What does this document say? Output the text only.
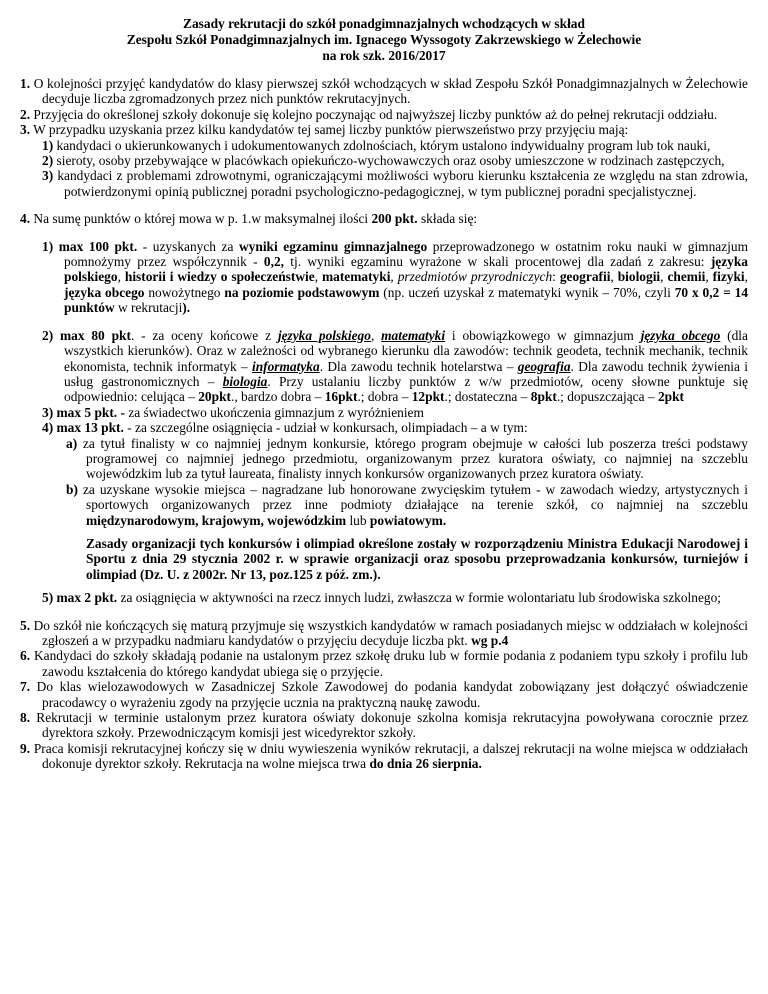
Zasady rekrutacji do szkół ponadgimnazjalnych wchodzących w skład
Zespołu Szkół Ponadgimnazjalnych im. Ignacego Wyssogoty Zakrzewskiego w Żelechowie
na rok szk. 2016/2017

1. O kolejności przyjęć kandydatów do klasy pierwszej szkół wchodzących w skład Zespołu Szkół Ponadgimnazjalnych w Żelechowie decyduje liczba zgromadzonych przez nich punktów rekrutacyjnych.

2. Przyjęcia do określonej szkoły dokonuje się kolejno poczynając od najwyższej liczby punktów aż do pełnej rekrutacji oddziału.

3. W przypadku uzyskania przez kilku kandydatów tej samej liczby punktów pierwszeństwo przy przyjęciu mają:

1) kandydaci o ukierunkowanych i udokumentowanych zdolnościach, którym ustalono indywidualny program lub tok nauki,

2) sieroty, osoby przebywające w placówkach opiekuńczo-wychowawczych oraz osoby umieszczone w rodzinach zastępczych,

3) kandydaci z problemami zdrowotnymi, ograniczającymi możliwości wyboru kierunku kształcenia ze względu na stan zdrowia, potwierdzonymi opinią publicznej poradni psychologiczno-pedagogicznej, w tym publicznej poradni specjalistycznej.

4. Na sumę punktów o której mowa w p. 1.w maksymalnej ilości 200 pkt. składa się:

1) max 100 pkt. - uzyskanych za wyniki egzaminu gimnazjalnego przeprowadzonego w ostatnim roku nauki w gimnazjum pomnożymy przez współczynnik - 0,2, tj. wyniki egzaminu wyrażone w skali procentowej dla zadań z zakresu: języka polskiego, historii i wiedzy o społeczeństwie, matematyki, przedmiotów przyrodniczych: geografii, biologii, chemii, fizyki, języka obcego nowożytnego na poziomie podstawowym (np. uczeń uzyskał z matematyki wynik – 70%, czyli 70 x 0,2 = 14 punktów w rekrutacji).

2) max 80 pkt. - za oceny końcowe z języka polskiego, matematyki i obowiązkowego w gimnazjum języka obcego (dla wszystkich kierunków). Oraz w zależności od wybranego kierunku dla zawodów: technik geodeta, technik mechanik, technik ekonomista, technik informatyk – informatyka. Dla zawodu technik hotelarstwa – geografia. Dla zawodu technik żywienia i usług gastronomicznych – biologia. Przy ustalaniu liczby punktów z w/w przedmiotów, oceny słowne punktuje się odpowiednio: celująca – 20pkt., bardzo dobra – 16pkt.; dobra – 12pkt.; dostateczna – 8pkt.; dopuszczająca – 2pkt

3) max 5 pkt. - za świadectwo ukończenia gimnazjum z wyróżnieniem

4) max 13 pkt. - za szczególne osiągnięcia - udział w konkursach, olimpiadach – a w tym:

a) za tytuł finalisty w co najmniej jednym konkursie, którego program obejmuje w całości lub poszerza treści podstawy programowej co najmniej jednego przedmiotu, organizowanym przez kuratora oświaty, co najmniej na szczeblu wojewódzkim lub za tytuł laureata, finalisty innych konkursów organizowanych przez kuratora oświaty.

b) za uzyskane wysokie miejsca – nagradzane lub honorowane zwycięskim tytułem - w zawodach wiedzy, artystycznych i sportowych organizowanych przez inne podmioty działające na terenie szkół, co najmniej na szczeblu międzynarodowym, krajowym, wojewódzkim lub powiatowym.

Zasady organizacji tych konkursów i olimpiad określone zostały w rozporządzeniu Ministra Edukacji Narodowej i Sportu z dnia 29 stycznia 2002 r. w sprawie organizacji oraz sposobu przeprowadzania konkursów, turniejów i olimpiad (Dz. U. z 2002r. Nr 13, poz.125 z póź. zm.).

5) max 2 pkt. za osiągnięcia w aktywności na rzecz innych ludzi, zwłaszcza w formie wolontariatu lub środowiska szkolnego;

5. Do szkół nie kończących się maturą przyjmuje się wszystkich kandydatów w ramach posiadanych miejsc w oddziałach w kolejności zgłoszeń a w przypadku nadmiaru kandydatów o przyjęciu decyduje liczba pkt. wg p.4

6. Kandydaci do szkoły składają podanie na ustalonym przez szkołę druku lub w formie podania z podaniem typu szkoły i profilu lub zawodu kształcenia do którego kandydat ubiega się o przyjęcie.

7. Do klas wielozawodowych w Zasadniczej Szkole Zawodowej do podania kandydat zobowiązany jest dołączyć oświadczenie pracodawcy o wyrażeniu zgody na przyjęcie ucznia na praktyczną naukę zawodu.

8. Rekrutacji w terminie ustalonym przez kuratora oświaty dokonuje szkolna komisja rekrutacyjna powoływana corocznie przez dyrektora szkoły. Przewodniczącym komisji jest wicedyrektor szkoły.

9. Praca komisji rekrutacyjnej kończy się w dniu wywieszenia wyników rekrutacji, a dalszej rekrutacji na wolne miejsca w oddziałach dokonuje dyrektor szkoły. Rekrutacja na wolne miejsca trwa do dnia 26 sierpnia.
